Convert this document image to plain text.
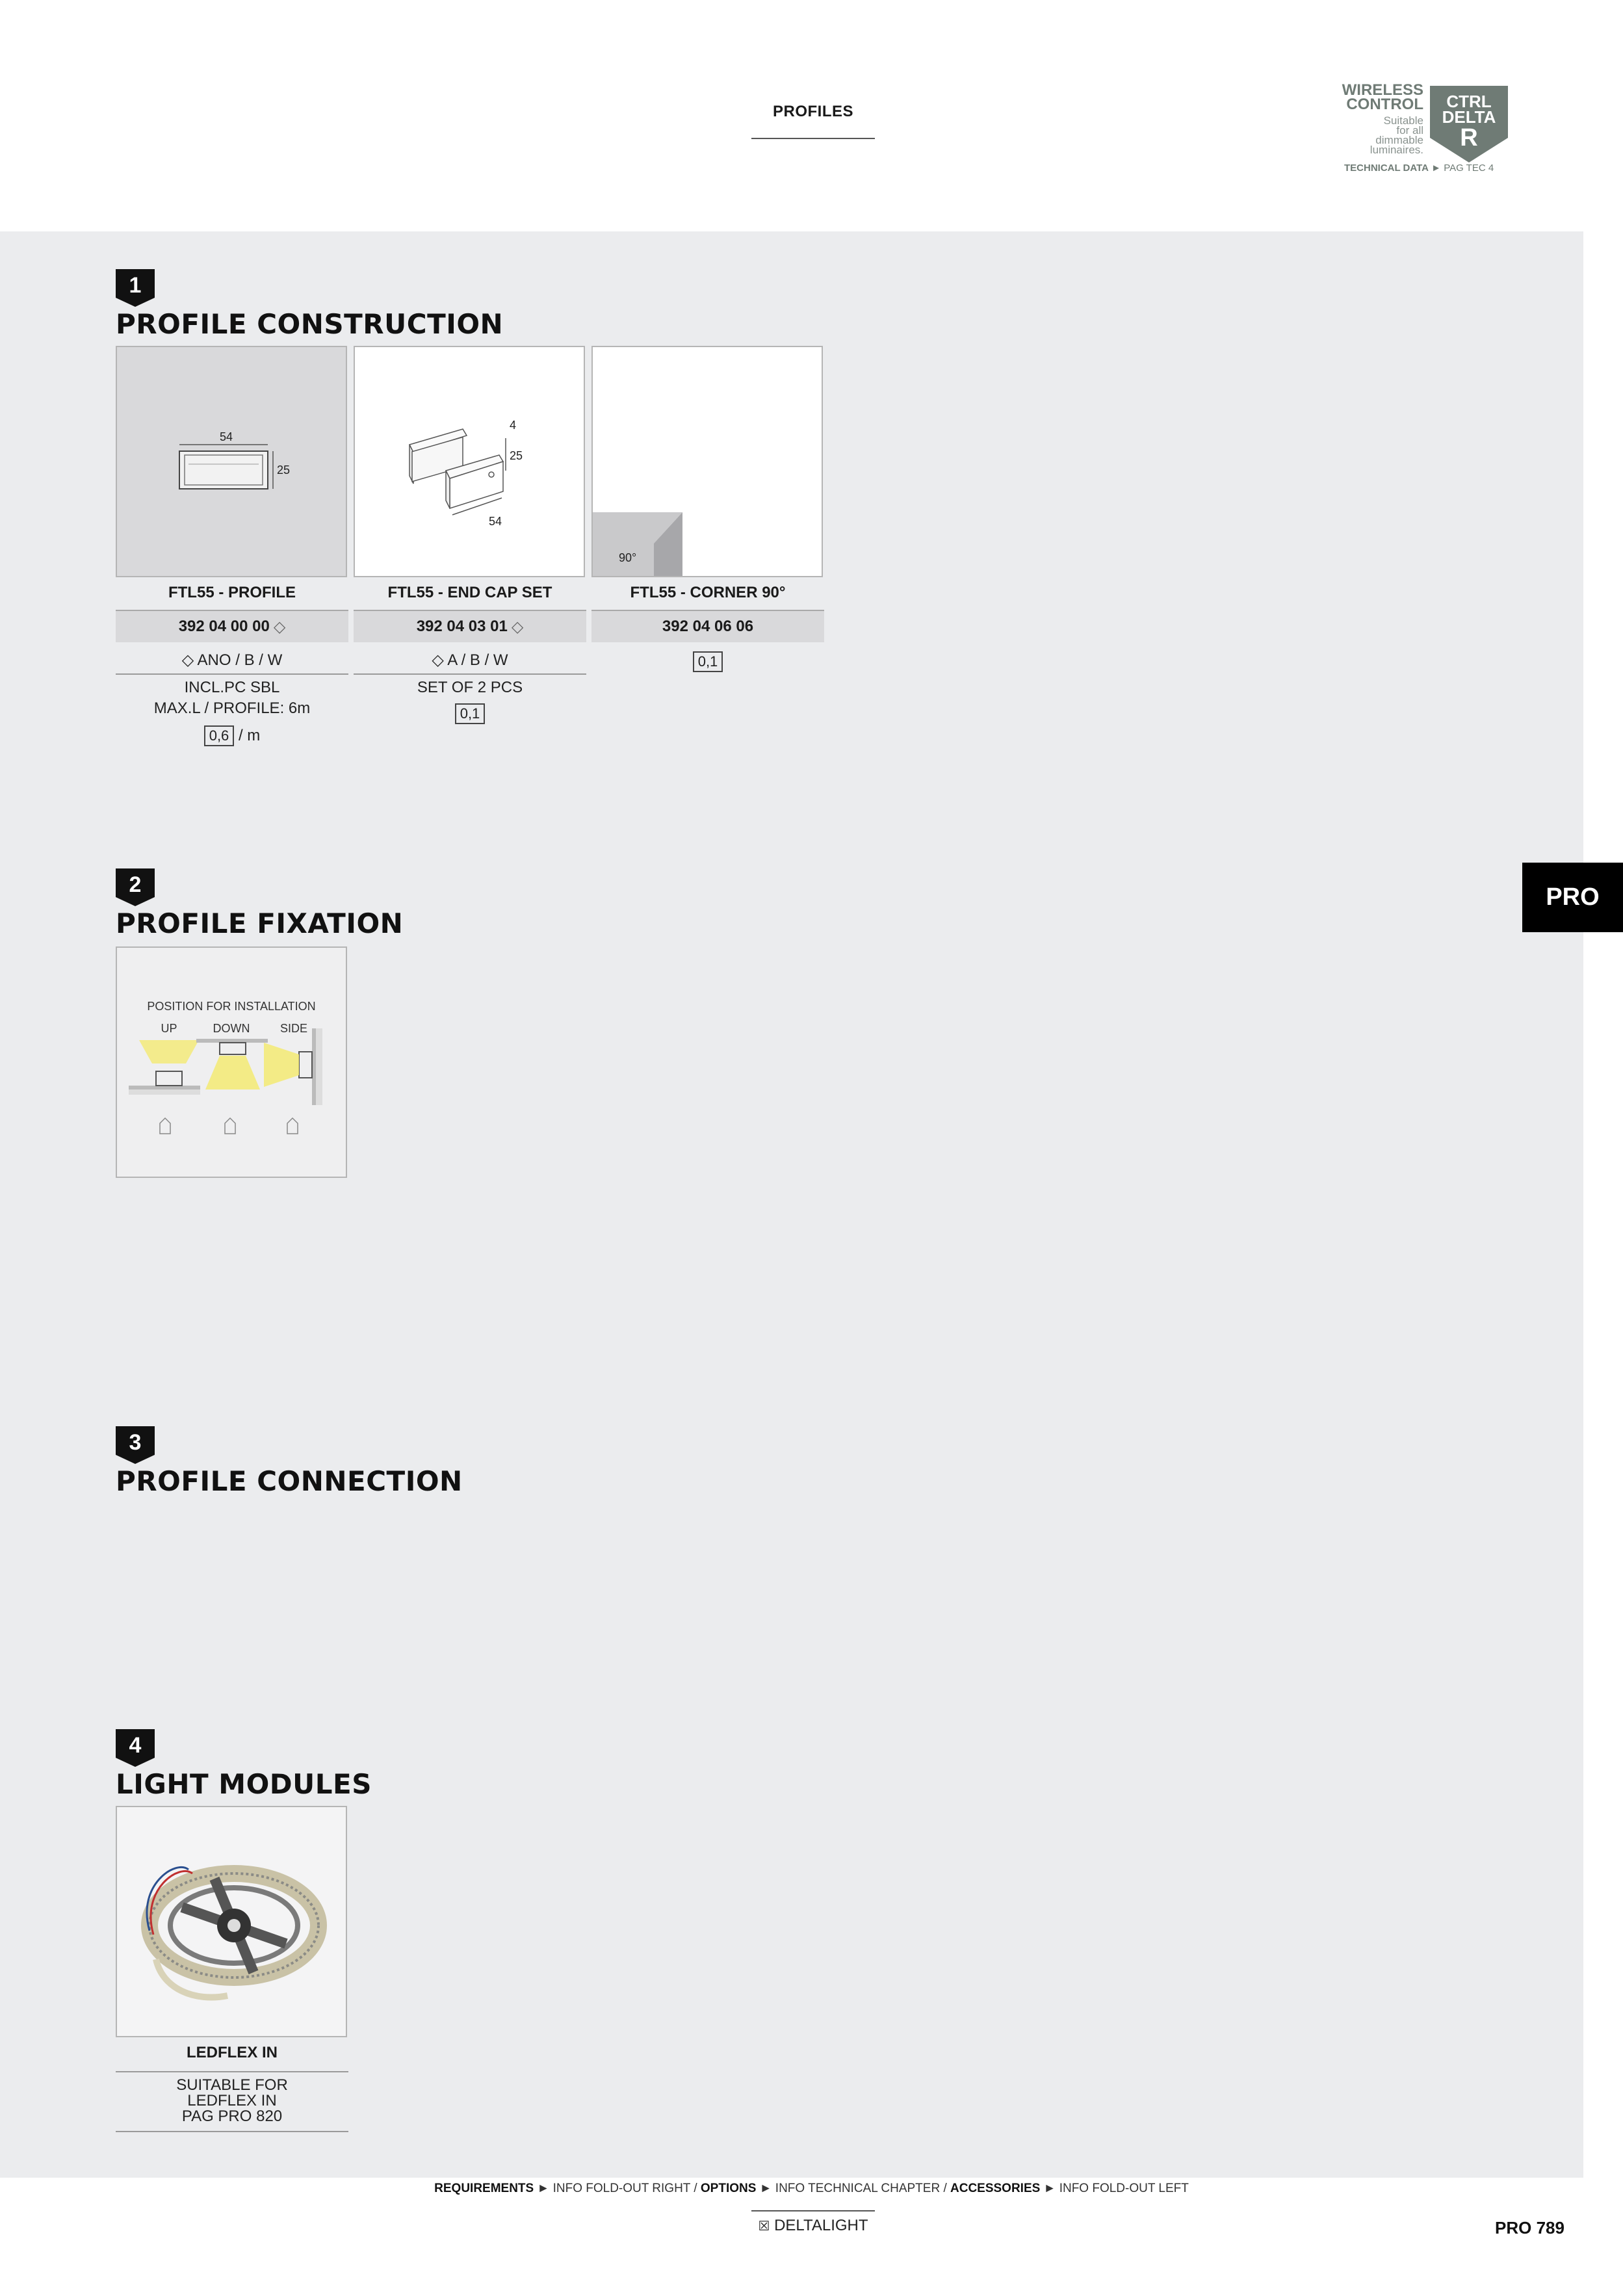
PROFILES
WIRELESS
CONTROL
Suitable
for all
dimmable
luminaires.
CTRL
DELTA
R
TECHNICAL DATA ► PAG TEC 4
PRO
1
PROFILE CONSTRUCTION
54
25
FTL55 - PROFILE
392 04 00 00 ◇
◇ ANO / B / W
INCL.PC SBL
MAX.L / PROFILE: 6m
0,6 / m
25
4
54
FTL55 - END CAP SET
392 04 03 01 ◇
◇ A / B / W
SET OF 2 PCS
0,1
90°
FTL55 - CORNER 90°
392 04 06 06
0,1
2
PROFILE FIXATION
POSITION FOR INSTALLATION
UP	DOWN	SIDE
3
PROFILE CONNECTION
4
LIGHT MODULES
LEDFLEX IN
SUITABLE FOR
LEDFLEX IN
PAG PRO 820
REQUIREMENTS ► INFO FOLD-OUT RIGHT / OPTIONS ► INFO TECHNICAL CHAPTER / ACCESSORIES ► INFO FOLD-OUT LEFT
☒ DELTALIGHT	PRO 789
